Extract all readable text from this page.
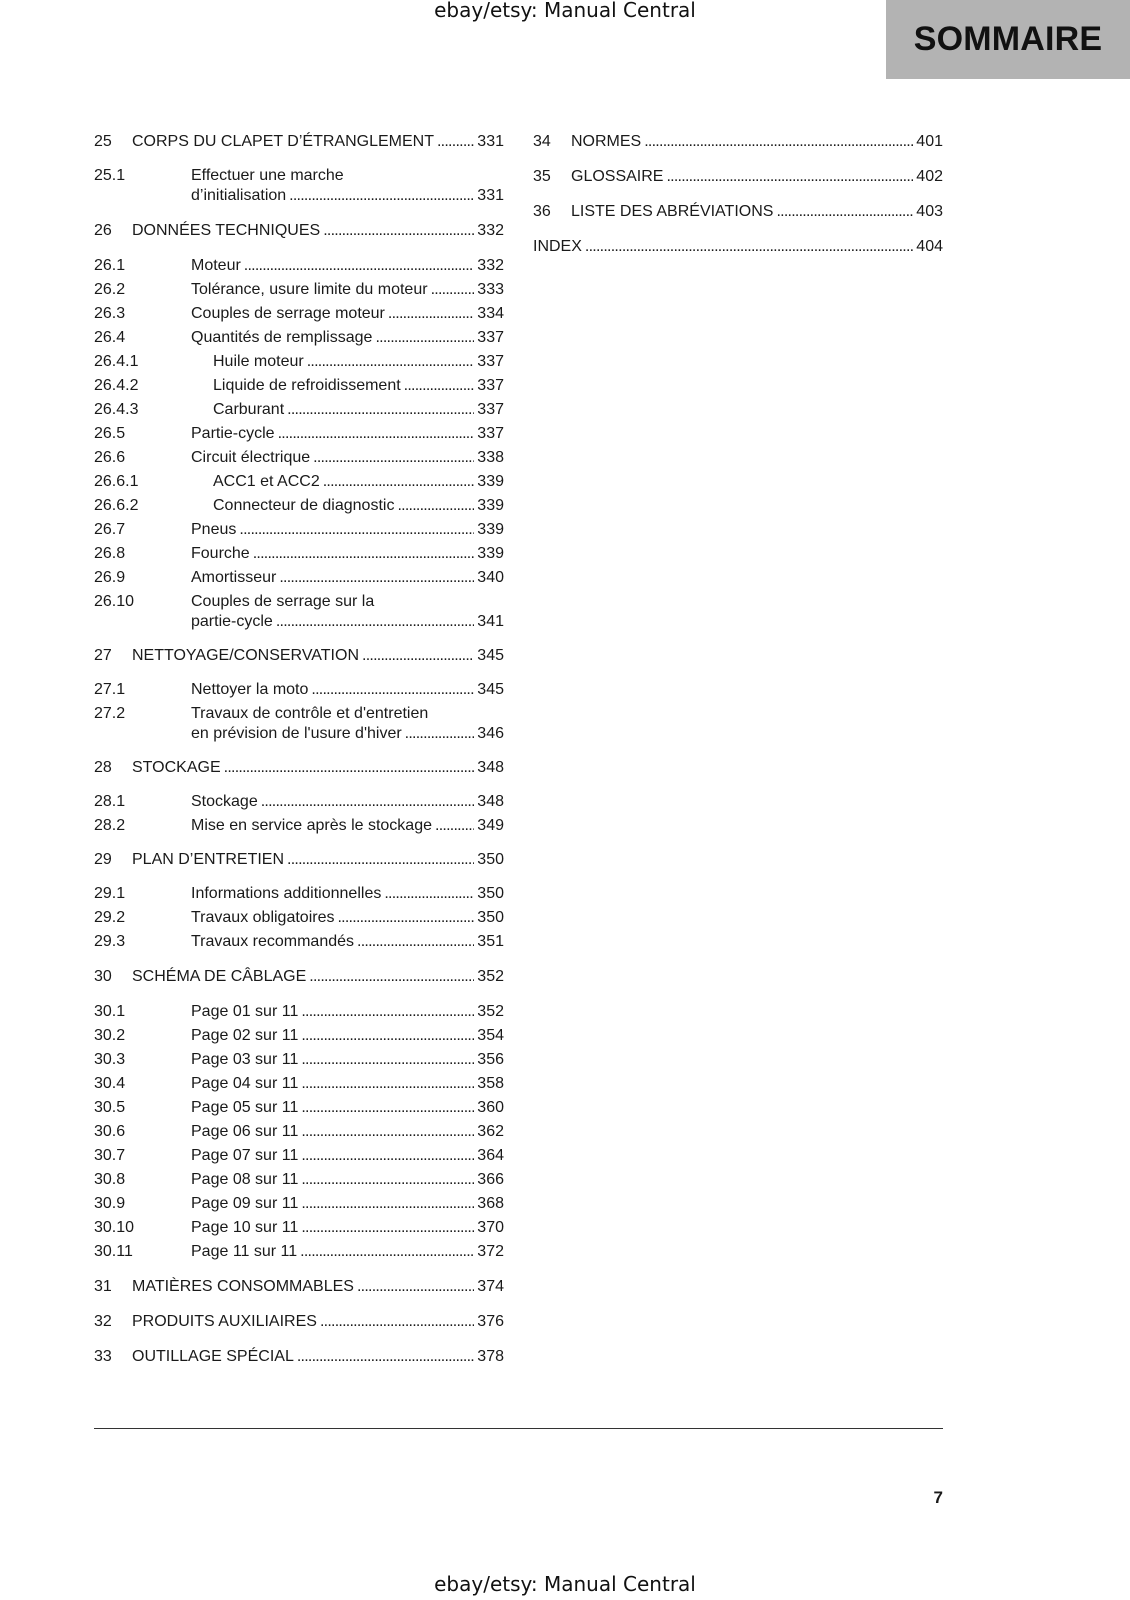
ebay/etsy: Manual Central
SOMMAIRE
25 CORPS DU CLAPET D’ÉTRANGLEMENT . . .	331
25.1	Effectuer une marche
d’initialisation . . .	331
26 DONNÉES TECHNIQUES . . .	332
26.1	Moteur . . .	332
26.2	Tolérance, usure limite du moteur . . .	333
26.3	Couples de serrage moteur . . .	334
26.4	Quantités de remplissage . . .	337
26.4.1	Huile moteur . . .	337
26.4.2	Liquide de refroidissement . . .	337
26.4.3	Carburant . . .	337
26.5	Partie-cycle . . .	337
26.6	Circuit électrique . . .	338
26.6.1	ACC1 et ACC2 . . .	339
26.6.2	Connecteur de diagnostic . . .	339
26.7	Pneus . . .	339
26.8	Fourche . . .	339
26.9	Amortisseur . . .	340
26.10	Couples de serrage sur la
partie-cycle . . .	341
27 NETTOYAGE/CONSERVATION . . .	345
27.1	Nettoyer la moto . . .	345
27.2	Travaux de contrôle et d'entretien
en prévision de l'usure d'hiver . . .	346
28 STOCKAGE . . .	348
28.1	Stockage . . .	348
28.2	Mise en service après le stockage . . .	349
29 PLAN D’ENTRETIEN . . .	350
29.1	Informations additionnelles . . .	350
29.2	Travaux obligatoires . . .	350
29.3	Travaux recommandés . . .	351
30 SCHÉMA DE CÂBLAGE . . .	352
30.1	Page 01 sur 11 . . .	352
30.2	Page 02 sur 11 . . .	354
30.3	Page 03 sur 11 . . .	356
30.4	Page 04 sur 11 . . .	358
30.5	Page 05 sur 11 . . .	360
30.6	Page 06 sur 11 . . .	362
30.7	Page 07 sur 11 . . .	364
30.8	Page 08 sur 11 . . .	366
30.9	Page 09 sur 11 . . .	368
30.10	Page 10 sur 11 . . .	370
30.11	Page 11 sur 11 . . .	372
31 MATIÈRES CONSOMMABLES . . .	374
32 PRODUITS AUXILIAIRES . . .	376
33 OUTILLAGE SPÉCIAL . . .	378
34 NORMES . . .	401
35 GLOSSAIRE . . .	402
36 LISTE DES ABRÉVIATIONS . . .	403
INDEX . . .	404
7
ebay/etsy: Manual Central
